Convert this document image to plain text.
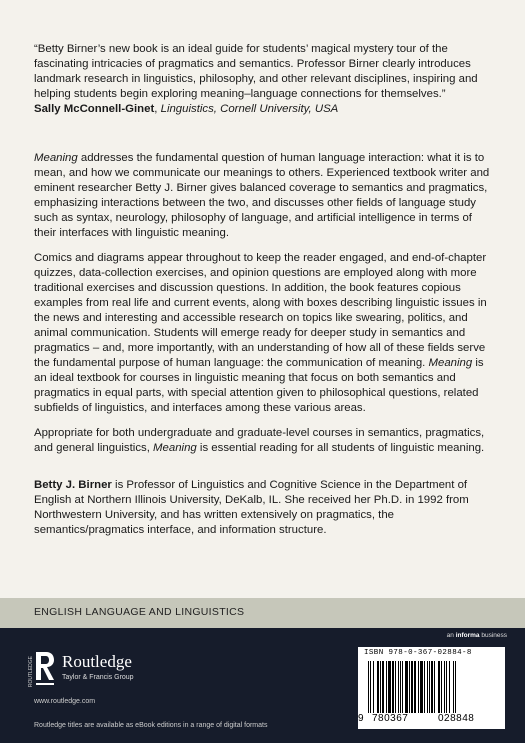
“Betty Birner’s new book is an ideal guide for students’ magical mystery tour of the fascinating intricacies of pragmatics and semantics. Professor Birner clearly introduces landmark research in linguistics, philosophy, and other relevant disciplines, inspiring and helping students begin exploring meaning–language connections for themselves.”

Sally McConnell-Ginet, Linguistics, Cornell University, USA

Meaning addresses the fundamental question of human language interaction: what it is to mean, and how we communicate our meanings to others. Experienced textbook writer and eminent researcher Betty J. Birner gives balanced coverage to semantics and pragmatics, emphasizing interactions between the two, and discusses other fields of language study such as syntax, neurology, philosophy of language, and artificial intelligence in terms of their interfaces with linguistic meaning.

Comics and diagrams appear throughout to keep the reader engaged, and end-of-chapter quizzes, data-collection exercises, and opinion questions are employed along with more traditional exercises and discussion questions. In addition, the book features copious examples from real life and current events, along with boxes describing linguistic issues in the news and interesting and accessible research on topics like swearing, politics, and animal communication. Students will emerge ready for deeper study in semantics and pragmatics – and, more importantly, with an understanding of how all of these fields serve the fundamental purpose of human language: the communication of meaning. Meaning is an ideal textbook for courses in linguistic meaning that focus on both semantics and pragmatics in equal parts, with special attention given to philosophical questions, related subfields of linguistics, and interfaces among these various areas.

Appropriate for both undergraduate and graduate-level courses in semantics, pragmatics, and general linguistics, Meaning is essential reading for all students of linguistic meaning.

Betty J. Birner is Professor of Linguistics and Cognitive Science in the Department of English at Northern Illinois University, DeKalb, IL. She received her Ph.D. in 1992 from Northwestern University, and has written extensively on pragmatics, the semantics/pragmatics interface, and information structure.

ENGLISH LANGUAGE AND LINGUISTICS
an informa business
ROUTLEDGE Routledge
Taylor & Francis Group
www.routledge.com
Routledge titles are available as eBook editions in a range of digital formats
ISBN 978-0-367-02884-8
9 780367	028848
